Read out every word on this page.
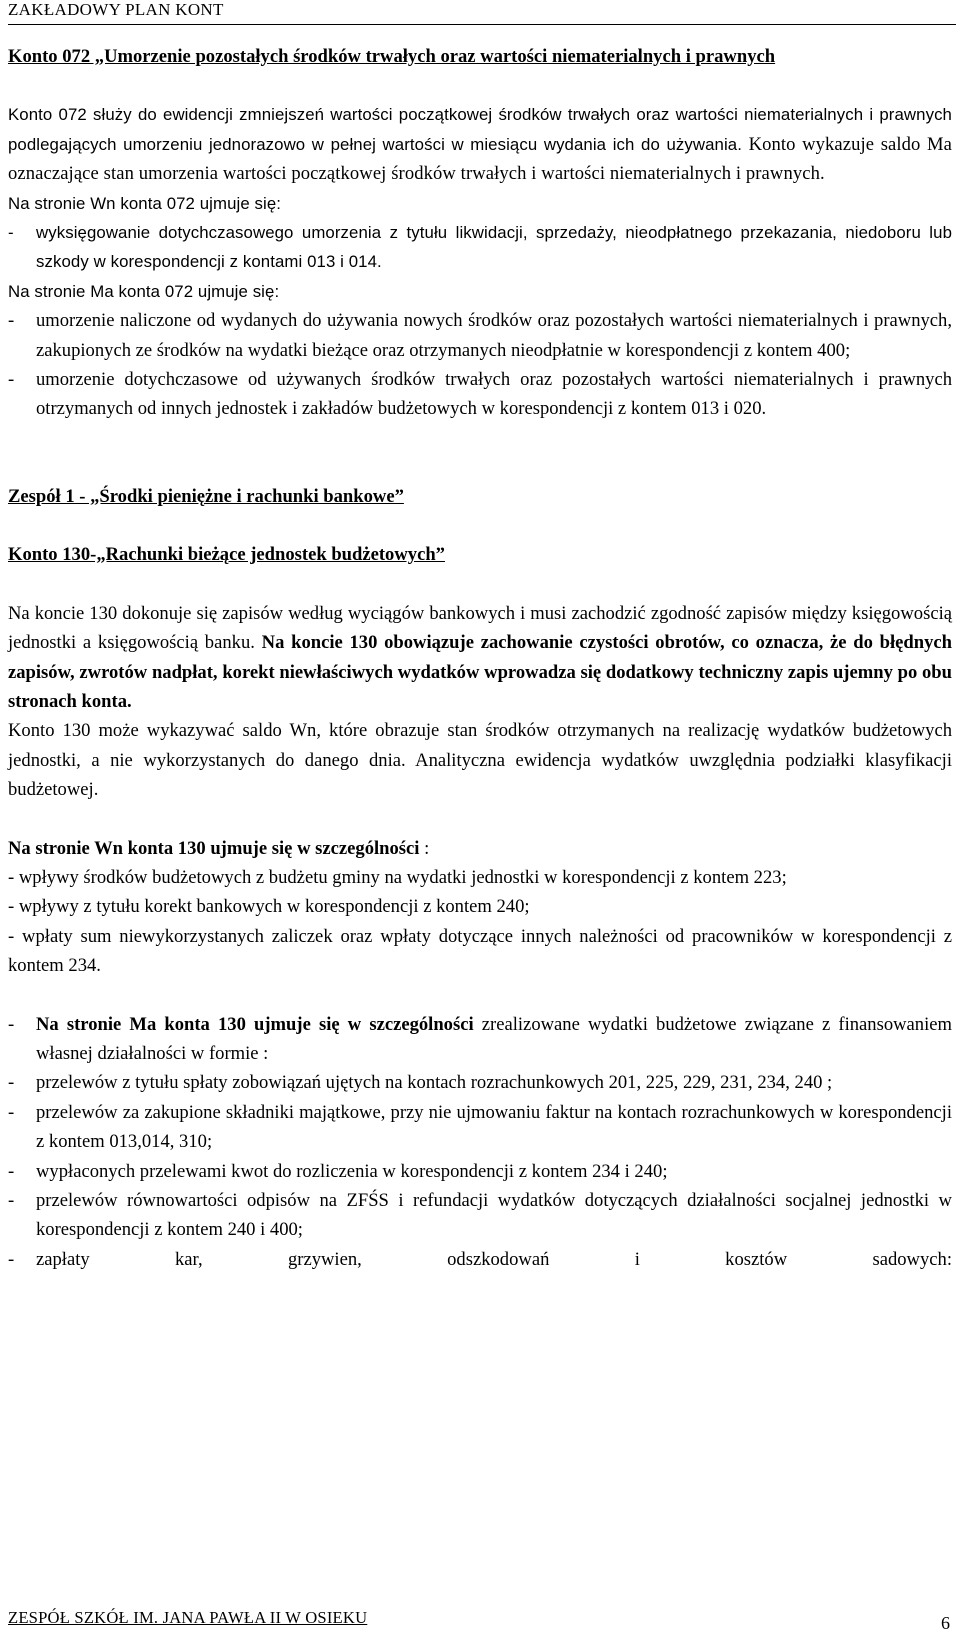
ZAKŁADOWY PLAN KONT

Konto 072 „Umorzenie pozostałych środków trwałych oraz wartości niematerialnych i prawnych

Konto 072 służy do ewidencji zmniejszeń wartości początkowej środków trwałych oraz wartości niematerialnych i prawnych podlegających umorzeniu jednorazowo w pełnej wartości w miesiącu wydania ich do używania. Konto wykazuje saldo Ma oznaczające stan umorzenia wartości początkowej środków trwałych i wartości niematerialnych i prawnych.

Na stronie Wn konta 072 ujmuje się:

-	wyksięgowanie dotychczasowego umorzenia z tytułu likwidacji, sprzedaży, nieodpłatnego przekazania, niedoboru lub szkody w korespondencji z kontami 013 i 014.

Na stronie Ma konta 072 ujmuje się:

-	umorzenie naliczone od wydanych do używania nowych środków oraz pozostałych wartości niematerialnych i prawnych, zakupionych ze środków na wydatki bieżące oraz otrzymanych nieodpłatnie w korespondencji z kontem 400;
-	umorzenie dotychczasowe od używanych środków trwałych oraz pozostałych wartości niematerialnych i prawnych otrzymanych od innych jednostek i zakładów budżetowych w korespondencji z kontem 013 i 020.

Zespół 1 - „Środki pieniężne i rachunki bankowe”

Konto 130-„Rachunki bieżące jednostek budżetowych”

Na koncie 130 dokonuje się zapisów według wyciągów bankowych i musi zachodzić zgodność zapisów między księgowością jednostki a księgowością banku. Na koncie 130 obowiązuje zachowanie czystości obrotów, co oznacza, że do błędnych zapisów, zwrotów nadpłat, korekt niewłaściwych wydatków wprowadza się dodatkowy techniczny zapis ujemny po obu stronach konta.

Konto 130 może wykazywać saldo Wn, które obrazuje stan środków otrzymanych na realizację wydatków budżetowych jednostki, a nie wykorzystanych do danego dnia. Analityczna ewidencja wydatków uwzględnia podziałki klasyfikacji budżetowej.

Na stronie Wn konta 130 ujmuje się w szczególności :

- wpływy środków budżetowych z budżetu gminy na wydatki jednostki w korespondencji z kontem 223;

- wpływy z tytułu korekt bankowych w korespondencji z kontem 240;

- wpłaty sum niewykorzystanych zaliczek oraz wpłaty dotyczące innych należności od pracowników w korespondencji z kontem 234.

-	Na stronie Ma konta 130 ujmuje się w szczególności zrealizowane wydatki budżetowe związane z finansowaniem własnej działalności w formie :
-	przelewów z tytułu spłaty zobowiązań ujętych na kontach rozrachunkowych 201, 225, 229, 231, 234, 240 ;
-	przelewów za zakupione składniki majątkowe, przy nie ujmowaniu faktur na kontach rozrachunkowych w korespondencji z kontem 013,014, 310;
-	wypłaconych przelewami kwot do rozliczenia w korespondencji z kontem 234 i 240;
-	przelewów równowartości odpisów na ZFŚS i refundacji wydatków dotyczących działalności socjalnej jednostki w korespondencji z kontem 240 i 400;
-	zapłaty kar, grzywien, odszkodowań i kosztów sadowych:
ZESPÓŁ SZKÓŁ IM. JANA PAWŁA II W OSIEKU	6
